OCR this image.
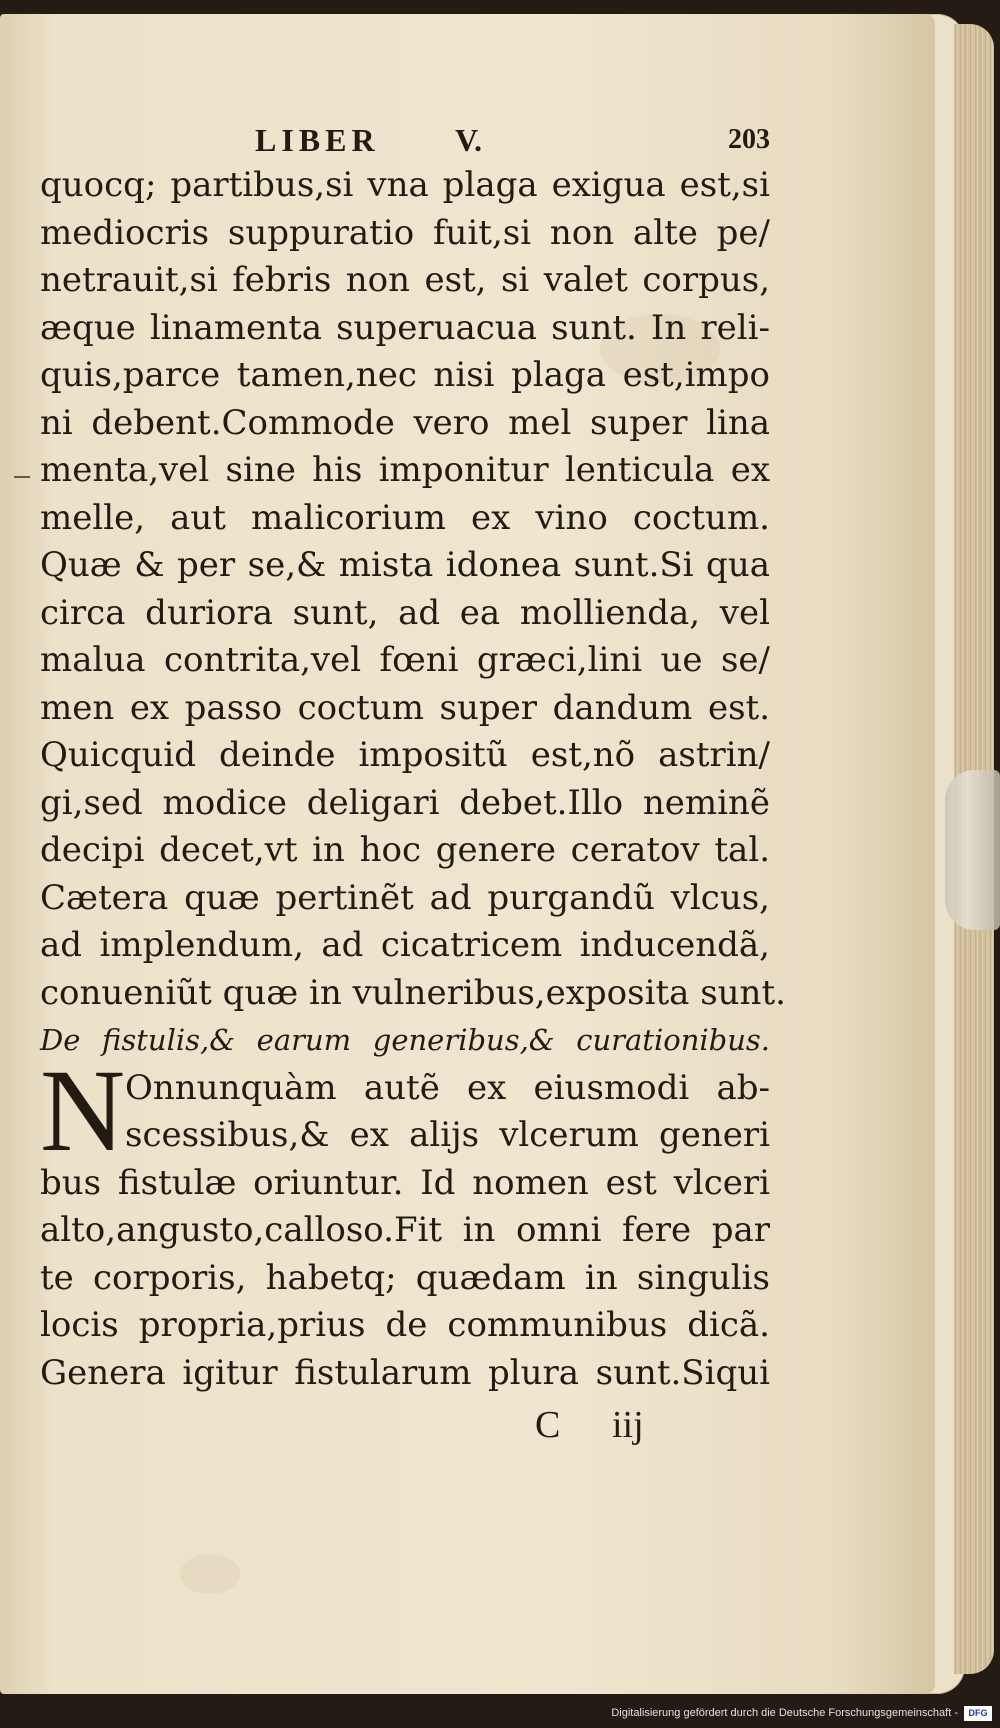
LIBER V.	203
quocq; partibus,si vna plaga exigua est,si
mediocris suppuratio fuit,si non alte pe/
netrauit,si febris non est, si valet corpus,
æque linamenta superuacua sunt. In reli-
quis,parce tamen,nec nisi plaga est,impo
ni debent.Commode vero mel super lina
menta,vel sine his imponitur lenticula ex
melle, aut malicorium ex vino coctum.
Quæ & per se,& mista idonea sunt.Si qua
circa duriora sunt, ad ea mollienda, vel
malua contrita,vel fœni græci,lini ue se/
men ex passo coctum super dandum est.
Quicquid deinde impositũ est,nõ astrin/
gi,sed modice deligari debet.Illo neminẽ
decipi decet,vt in hoc genere ceratov tal.
Cætera quæ pertinẽt ad purgandũ vlcus,
ad implendum, ad cicatricem inducendã,
conueniũt quæ in vulneribus,exposita sunt.
De fistulis,& earum generibus,& curationibus.
N Onnunquàm autẽ ex eiusmodi ab-
scessibus,& ex alijs vlcerum generi
bus fistulæ oriuntur. Id nomen est vlceri
alto,angusto,calloso.Fit in omni fere par
te corporis, habetq; quædam in singulis
locis propria,prius de communibus dicã.
Genera igitur fistularum plura sunt.Siqui
C iij
Digitalisierung gefördert durch die Deutsche Forschungsgemeinschaft -	DFG
